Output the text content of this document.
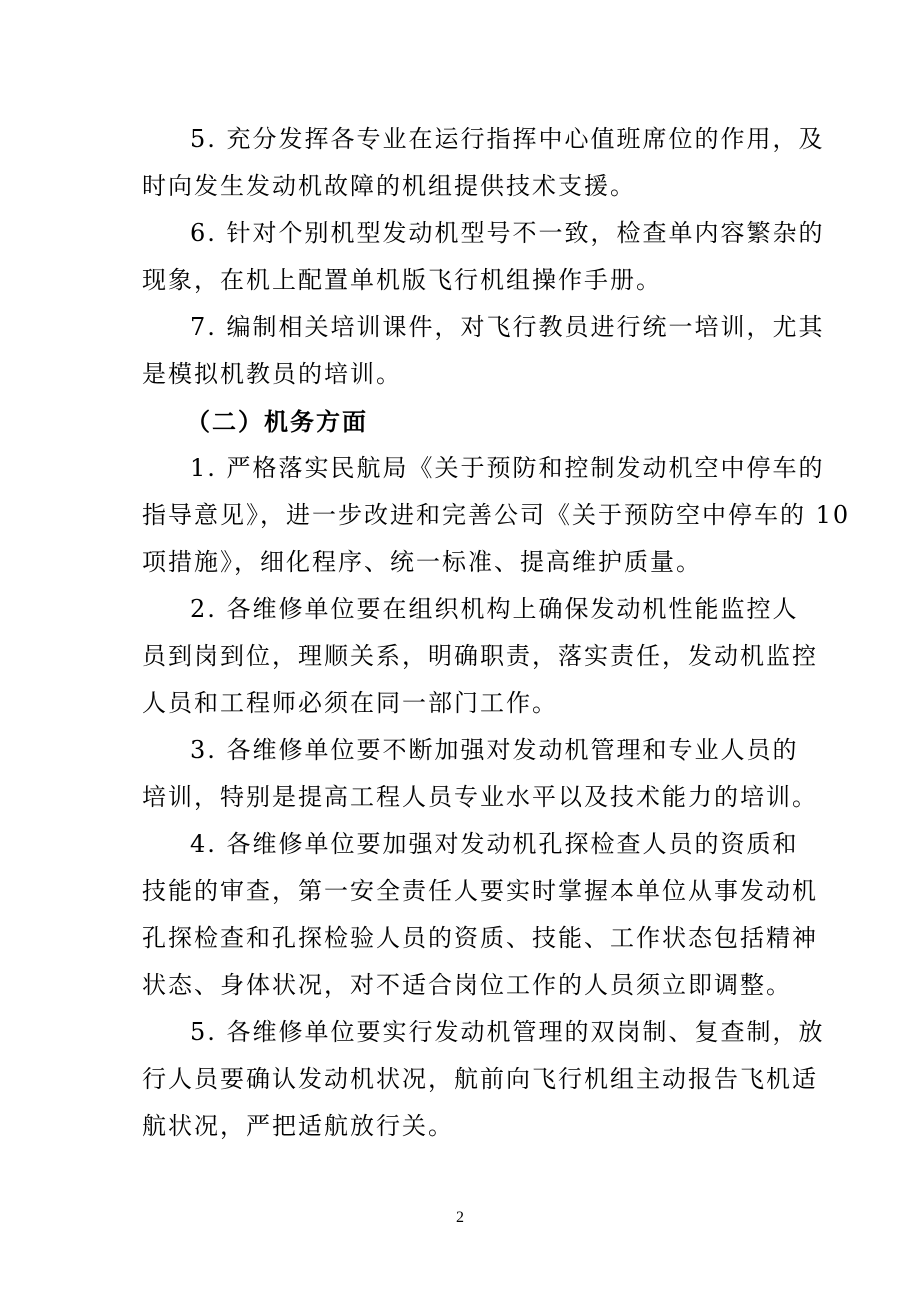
5. 充分发挥各专业在运行指挥中心值班席位的作用，及
时向发生发动机故障的机组提供技术支援。
6. 针对个别机型发动机型号不一致，检查单内容繁杂的
现象，在机上配置单机版飞行机组操作手册。
7. 编制相关培训课件，对飞行教员进行统一培训，尤其
是模拟机教员的培训。
（二）机务方面
1. 严格落实民航局《关于预防和控制发动机空中停车的
指导意见》，进一步改进和完善公司《关于预防空中停车的 10
项措施》，细化程序、统一标准、提高维护质量。
2. 各维修单位要在组织机构上确保发动机性能监控人
员到岗到位，理顺关系，明确职责，落实责任，发动机监控
人员和工程师必须在同一部门工作。
3. 各维修单位要不断加强对发动机管理和专业人员的
培训，特别是提高工程人员专业水平以及技术能力的培训。
4. 各维修单位要加强对发动机孔探检查人员的资质和
技能的审查，第一安全责任人要实时掌握本单位从事发动机
孔探检查和孔探检验人员的资质、技能、工作状态包括精神
状态、身体状况，对不适合岗位工作的人员须立即调整。
5. 各维修单位要实行发动机管理的双岗制、复查制，放
行人员要确认发动机状况，航前向飞行机组主动报告飞机适
航状况，严把适航放行关。
2
